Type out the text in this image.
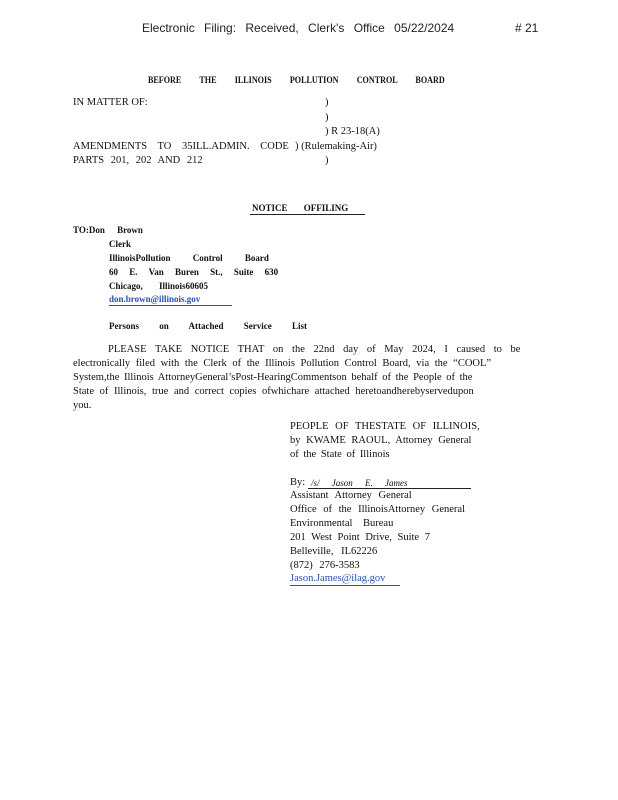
Electronic Filing: Received, Clerk's Office 05/22/2024	# 21
BEFORE THE ILLINOIS POLLUTION CONTROL BOARD
IN MATTER OF:	)
)
) R 23-18(A)
AMENDMENTS TO 35ILL.ADMIN. CODE ) (Rulemaking-Air)
PARTS 201, 202 AND 212	)
NOTICE OFFILING
TO:Don Brown
Clerk
IllinoisPollution Control Board
60 E. Van Buren St., Suite 630
Chicago, Illinois60605
don.brown@illinois.gov
Persons on Attached Service List
PLEASE TAKE NOTICE THAT on the 22nd day of May 2024, I caused to be
electronically filed with the Clerk of the Illinois Pollution Control Board, via the “COOL”
System,the Illinois AttorneyGeneral’sPost-HearingCommentson behalf of the People of the
State of Illinois, true and correct copies ofwhichare attached heretoandherebyservedupon
you.
PEOPLE OF THESTATE OF ILLINOIS,
by KWAME RAOUL, Attorney General
of the State of Illinois
By: /s/ Jason E. James
Assistant Attorney General
Office of the IllinoisAttorney General
Environmental Bureau
201 West Point Drive, Suite 7
Belleville, IL62226
(872) 276-3583
Jason.James@ilag.gov
